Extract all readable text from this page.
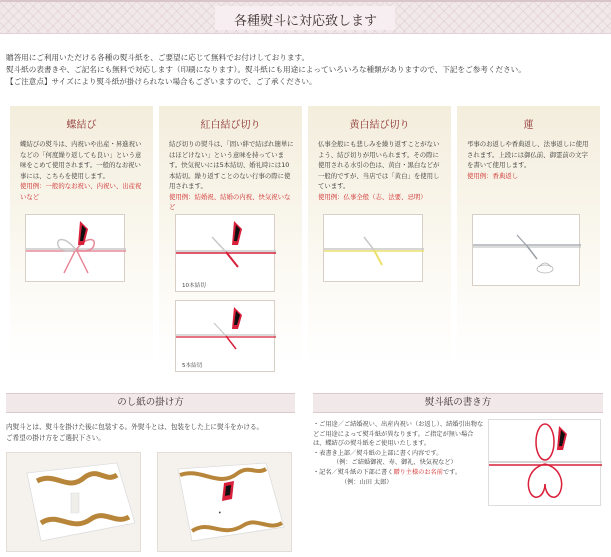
各種熨斗に対応致します
贈答用にご利用いただける各種の熨斗紙を、ご要望に応じて無料でお付けしております。
熨斗紙の表書きや、ご記名にも無料で対応します（印刷になります）。熨斗紙にも用途によっていろいろな種類がありますので、下記をご参考ください。
【ご注意点】サイズにより熨斗紙が掛けられない場合もございますので、ご了承ください。
蝶結び
蝶結びの熨斗は、内祝いや出産・昇進祝いなどの「何度繰り返しても良い」という意味をこめて使用されます。一般的なお祝い事には、こちらを使用します。
使用例：一般的なお祝い、内祝い、出産祝いなど
紅白結び切り
結び切りの熨斗は、「固い絆で結ばれ簡単にはほどけない」という意味を持っています。快気祝いには5本結切、婚礼時には10本結切。繰り返すことのない行事の際に使用されます。
使用例：結婚祝、結婚の内祝、快気祝いなど
10本結切
5本結切
黄白結び切り
仏事全般にも悲しみを繰り返すことがないよう、結び切りが用いられます。その際に使用される水引の色は、黄白・黒白などが一般的ですが、当店では「黄白」を使用しています。
使用例：仏事全般（志、法要、忌明）
蓮
弔事のお返しや香典返し、法事返しに使用されます。上段には御仏前、御霊前の文字を書いて使用します。
使用例：香典返し
のし紙の掛け方
内熨斗とは、熨斗を掛けた後に包装する。外熨斗とは、包装をした上に熨斗をかける。
ご希望の掛け方をご選択下さい。
•
熨斗紙の書き方
・ご用途／ご結婚祝い、出産内祝い（お返し）、結婚引出物などご用途によって熨斗紙が異なります。ご指定が無い場合は、蝶結びの熨斗紙をご使用いたします。
・表書き上部／熨斗紙の上部に書く内容です。
（例：ご結婚御祝、寿、御礼、快気祝など）
・記名／熨斗紙の下部に書く贈り主様のお名前です。
（例：山田 太郎）
